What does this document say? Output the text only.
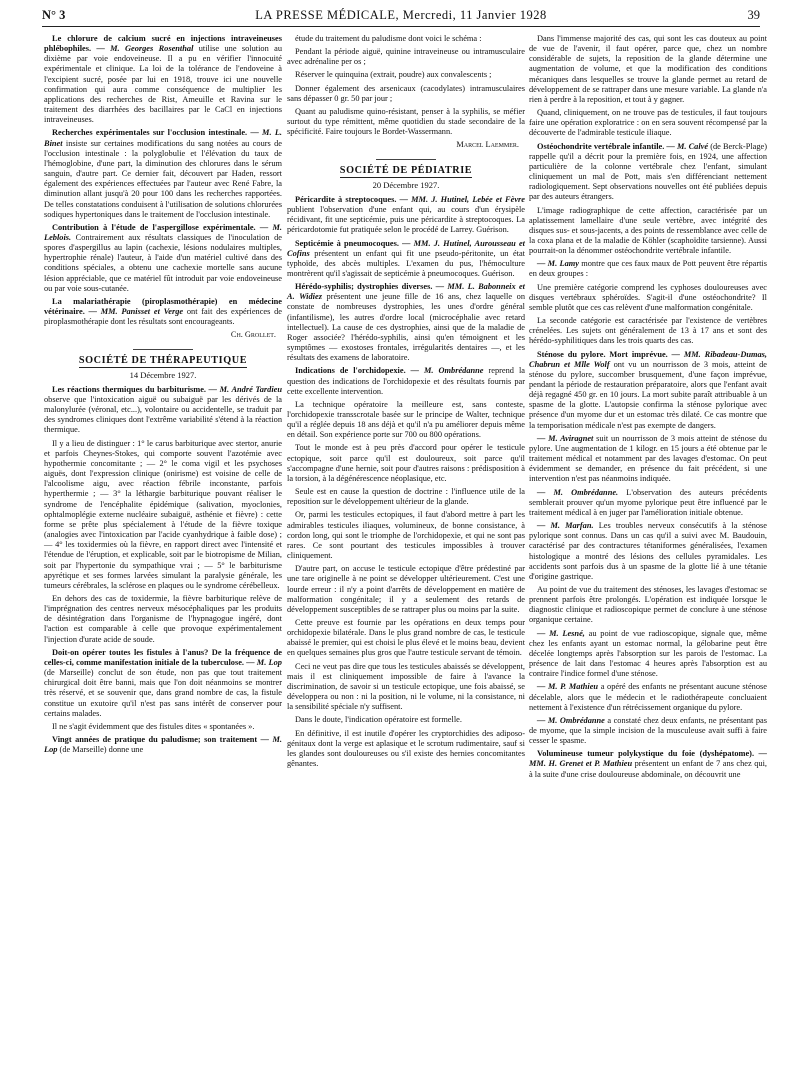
N° 3	LA PRESSE MÉDICALE, Mercredi, 11 Janvier 1928	39

Le chlorure de calcium sucré en injections intraveineuses phlébophiles. — M. Georges Rosenthal utilise une solution au dixième par voie endoveineuse. Il a pu en vérifier l'innocuité expérimentale et clinique. La loi de la tolérance de l'endoveine à l'excipient sucré, posée par lui en 1918, trouve ici une nouvelle confirmation qui aura comme conséquence de multiplier les applications des recherches de Rist, Ameuille et Ravina sur le traitement des diarrhées des bacillaires par le CaCl en injections intraveineuses.

Recherches expérimentales sur l'occlusion intestinale. — M. L. Binet insiste sur certaines modifications du sang notées au cours de l'occlusion intestinale : la polyglobulie et l'élévation du taux de l'hémoglobine, d'une part, la diminution des chlorures dans le sérum sanguin, d'autre part. Ce dernier fait, découvert par Haden, ressort également des expériences effectuées par l'auteur avec René Fabre, la diminution allant jusqu'à 20 pour 100 dans les recherches rapportées. De telles constatations conduisent à l'utilisation de solutions chlorurées sodiques hypertoniques dans le traitement de l'occlusion intestinale.

Contribution à l'étude de l'aspergillose expérimentale. — M. Leblois. Contrairement aux résultats classiques de l'inoculation de spores d'aspergillus au lapin (cachexie, lésions nodulaires multiples, hypertrophie rénale) l'auteur, à l'aide d'un matériel cultivé dans des conditions spéciales, a obtenu une cachexie mortelle sans aucune lésion appréciable, que ce matériel fût introduit par voie endoveineuse ou par voie sous-cutanée.

La malariathérapie (piroplasmothérapie) en médecine vétérinaire. — MM. Panisset et Verge ont fait des expériences de piroplasmothérapie dont les résultats sont encourageants.

Ch. Grollet.
SOCIÉTÉ DE THÉRAPEUTIQUE
14 Décembre 1927.

Les réactions thermiques du barbiturisme. — M. André Tardieu observe que l'intoxication aiguë ou subaiguë par les dérivés de la malonylurée (véronal, etc...), volontaire ou accidentelle, se traduit par des syndromes cliniques dont l'extrême variabilité s'étend à la réaction thermique.

Il y a lieu de distinguer : 1° le carus barbiturique avec stertor, anurie et parfois Cheynes-Stokes, qui comporte souvent l'azotémie avec hypothermie concomitante ; — 2° le coma vigil et les psychoses aiguës, dont l'expression clinique (onirisme) est voisine de celle de l'alcoolisme aigu, avec réaction fébrile inconstante, parfois hyperthermie ; — 3° la léthargie barbiturique pouvant réaliser le syndrome de l'encéphalite épidémique (salivation, myoclonies, ophtalmoplégie externe nucléaire subaiguë, asthénie et fièvre) : cette forme se prête plus spécialement à l'étude de la fièvre toxique (analogies avec l'intoxication par l'acide cyanhydrique à faible dose) ; — 4° les toxidermies où la fièvre, en rapport direct avec l'intensité et l'étendue de l'éruption, et explicable, soit par le biotropisme de Milian, soit par l'hypertonie du sympathique vrai ; — 5° le barbiturisme apyrétique et ses formes larvées simulant la paralysie générale, les tumeurs cérébrales, la sclérose en plaques ou le syndrome cérébelleux.

En dehors des cas de toxidermie, la fièvre barbiturique relève de l'imprégnation des centres nerveux mésocéphaliques par les produits de désintégration dans l'organisme de l'hypnagogue ingéré, dont l'action est comparable à celle que provoque expérimentalement l'injection d'urate acide de soude.

Doit-on opérer toutes les fistules à l'anus? De la fréquence de celles-ci, comme manifestation initiale de la tuberculose. — M. Lop (de Marseille) conclut de son étude, non pas que tout traitement chirurgical doit être banni, mais que l'on doit néanmoins se montrer très réservé, et se souvenir que, dans grand nombre de cas, la fistule constitue un exutoire qu'il n'est pas sans intérêt de conserver pour certains malades.

Il ne s'agit évidemment que des fistules dites « spontanées ».

Vingt années de pratique du paludisme; son traitement — M. Lop (de Marseille) donne une

étude du traitement du paludisme dont voici le schéma :

Pendant la période aiguë, quinine intraveineuse ou intramusculaire avec adrénaline per os ;

Réserver le quinquina (extrait, poudre) aux convalescents ;

Donner également des arsenicaux (cacodylates) intramusculaires sans dépasser 0 gr. 50 par jour ;

Quant au paludisme quino-résistant, penser à la syphilis, se méfier surtout du type rémittent, même quotidien du stade secondaire de la spécificité. Faire toujours le Bordet-Wassermann.

Marcel Laemmer.
SOCIÉTÉ DE PÉDIATRIE
20 Décembre 1927.

Péricardite à streptocoques. — MM. J. Hutinel, Lebée et Fèvre publient l'observation d'une enfant qui, au cours d'un érysipèle récidivant, fit une septicémie, puis une péricardite à streptocoques. La péricardotomie fut pratiquée selon le procédé de Larrey. Guérison.

Septicémie à pneumocoques. — MM. J. Hutinel, Aurousseau et Cofins présentent un enfant qui fit une pseudo-péritonite, un état typhoïde, des abcès multiples. L'examen du pus, l'hémoculture montrèrent qu'il s'agissait de septicémie à pneumocoques. Guérison.

Hérédo-syphilis; dystrophies diverses. — MM. L. Babonneix et A. Widiez présentent une jeune fille de 16 ans, chez laquelle on constate de nombreuses dystrophies, les unes d'ordre général (infantilisme), les autres d'ordre local (microcéphalie avec retard intellectuel). La cause de ces dystrophies, ainsi que de la maladie de Roger associée? l'hérédo-syphilis, ainsi qu'en témoignent et les symptômes — exostoses frontales, irrégularités dentaires —, et les résultats des examens de laboratoire.

Indications de l'orchidopexie. — M. Ombrédanne reprend la question des indications de l'orchidopexie et des résultats fournis par cette excellente intervention.

La technique opératoire la meilleure est, sans conteste, l'orchidopexie transscrotale basée sur le principe de Walter, technique qu'il a réglée depuis 18 ans déjà et qu'il n'a pu améliorer depuis même en détail. Son expérience porte sur 700 ou 800 opérations.

Tout le monde est à peu près d'accord pour opérer le testicule ectopique, soit parce qu'il est douloureux, soit parce qu'il s'accompagne d'une hernie, soit pour d'autres raisons : prédisposition à la torsion, à la dégénérescence néoplasique, etc.

Seule est en cause la question de doctrine : l'influence utile de la reposition sur le développement ultérieur de la glande.

Or, parmi les testicules ectopiques, il faut d'abord mettre à part les admirables testicules iliaques, volumineux, de bonne consistance, à cordon long, qui sont le triomphe de l'orchidopexie, et qui ne sont pas rares. Ce sont pourtant des testicules impossibles à trouver cliniquement.

D'autre part, on accuse le testicule ectopique d'être prédestiné par une tare originelle à ne point se développer ultérieurement. C'est une lourde erreur : il n'y a point d'arrêts de développement en matière de malformation congénitale; il y a seulement des retards de développement susceptibles de se rattraper plus ou moins par la suite.

Cette preuve est fournie par les opérations en deux temps pour orchidopexie bilatérale. Dans le plus grand nombre de cas, le testicule abaissé le premier, qui est choisi le plus élevé et le moins beau, devient en quelques semaines plus gros que l'autre testicule servant de témoin.

Ceci ne veut pas dire que tous les testicules abaissés se développent, mais il est cliniquement impossible de faire à l'avance la discrimination, de savoir si un testicule ectopique, une fois abaissé, se développera ou non : ni la position, ni le volume, ni la consistance, ni la sensibilité spéciale n'y suffisent.

Dans le doute, l'indication opératoire est formelle.

En définitive, il est inutile d'opérer les cryptorchidies des adiposo-génitaux dont la verge est aplasique et le scrotum rudimentaire, sauf si les glandes sont douloureuses ou s'il existe des hernies concomitantes gênantes.

Dans l'immense majorité des cas, qui sont les cas douteux au point de vue de l'avenir, il faut opérer, parce que, chez un nombre considérable de sujets, la reposition de la glande détermine une augmentation de volume, et que la modification des conditions mécaniques dans lesquelles se trouve la glande permet au retard de développement de se rattraper dans une mesure variable. La glande n'a rien à perdre à la reposition, et tout à y gagner.

Quand, cliniquement, on ne trouve pas de testicules, il faut toujours faire une opération exploratrice : on en sera souvent récompensé par la découverte de l'admirable testicule iliaque.

Ostéochondrite vertébrale infantile. — M. Calvé (de Berck-Plage) rappelle qu'il a décrit pour la première fois, en 1924, une affection particulière de la colonne vertébrale chez l'enfant, simulant cliniquement un mal de Pott, mais s'en différenciant nettement radiologiquement. Sept observations nouvelles ont été publiées depuis par des auteurs étrangers.

L'image radiographique de cette affection, caractérisée par un aplatissement lamellaire d'une seule vertèbre, avec intégrité des disques sus- et sous-jacents, a des points de ressemblance avec celle de la coxa plana et de la maladie de Köhler (scaphoïdite tarsienne). Aussi pourrait-on la dénommer ostéochondrite vertébrale infantile.

— M. Lamy montre que ces faux maux de Pott peuvent être répartis en deux groupes :

Une première catégorie comprend les cyphoses douloureuses avec disques vertébraux sphéroïdes. S'agit-il d'une ostéochondrite? Il semble plutôt que ces cas relèvent d'une malformation congénitale.

La seconde catégorie est caractérisée par l'existence de vertèbres crénelées. Les sujets ont généralement de 13 à 17 ans et sont des hérédo-syphilitiques dans les trois quarts des cas.

Sténose du pylore. Mort imprévue. — MM. Ribadeau-Dumas, Chabrun et Mlle Wolf ont vu un nourrisson de 3 mois, atteint de sténose du pylore, succomber brusquement, d'une façon imprévue, pendant la période de restauration préparatoire, alors que l'enfant avait déjà regagné 450 gr. en 10 jours. La mort subite paraît attribuable à un spasme de la glotte. L'autopsie confirma la sténose pylorique avec présence d'un myome dur et un estomac très dilaté. Ce cas montre que la temporisation médicale n'est pas exempte de dangers.

— M. Aviragnet suit un nourrisson de 3 mois atteint de sténose du pylore. Une augmentation de 1 kilogr. en 15 jours a été obtenue par le traitement médical et notamment par des lavages d'estomac. On peut évidemment se demander, en présence du fait précédent, si une intervention n'est pas néanmoins indiquée.

— M. Ombrédanne. L'observation des auteurs précédents semblerait prouver qu'un myome pylorique peut être influencé par le traitement médical à en juger par l'amélioration initiale obtenue.

— M. Marfan. Les troubles nerveux consécutifs à la sténose pylorique sont connus. Dans un cas qu'il a suivi avec M. Baudouin, caractérisé par des contractures tétaniformes généralisées, l'examen histologique a montré des lésions des cellules pyramidales. Les accidents sont parfois dus à un spasme de la glotte lié à une tétanie d'origine gastrique.

Au point de vue du traitement des sténoses, les lavages d'estomac se prennent parfois être prolongés. L'opération est indiquée lorsque le diagnostic clinique et radioscopique permet de conclure à une sténose organique certaine.

— M. Lesné, au point de vue radioscopique, signale que, même chez les enfants ayant un estomac normal, la gélobarine peut être décelée longtemps après l'absorption sur les parois de l'estomac. La présence de lait dans l'estomac 4 heures après l'absorption est au contraire l'indice formel d'une sténose.

— M. P. Mathieu a opéré des enfants ne présentant aucune sténose décelable, alors que le médecin et le radiothérapeute concluaient nettement à l'existence d'un rétrécissement organique du pylore.

— M. Ombrédanne a constaté chez deux enfants, ne présentant pas de myome, que la simple incision de la musculeuse avait suffi à faire cesser le spasme.

Volumineuse tumeur polykystique du foie (dyshépatome). — MM. H. Grenet et P. Mathieu présentent un enfant de 7 ans chez qui, à la suite d'une crise douloureuse abdominale, on découvrit une
